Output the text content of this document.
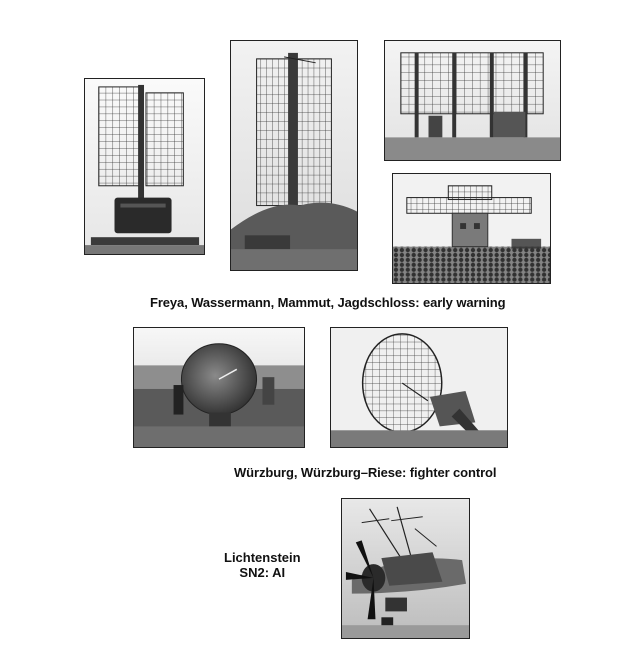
Freya, Wassermann, Mammut, Jagdschloss: early warning
Würzburg, Würzburg–Riese: fighter control
Lichtenstein
SN2: AI
